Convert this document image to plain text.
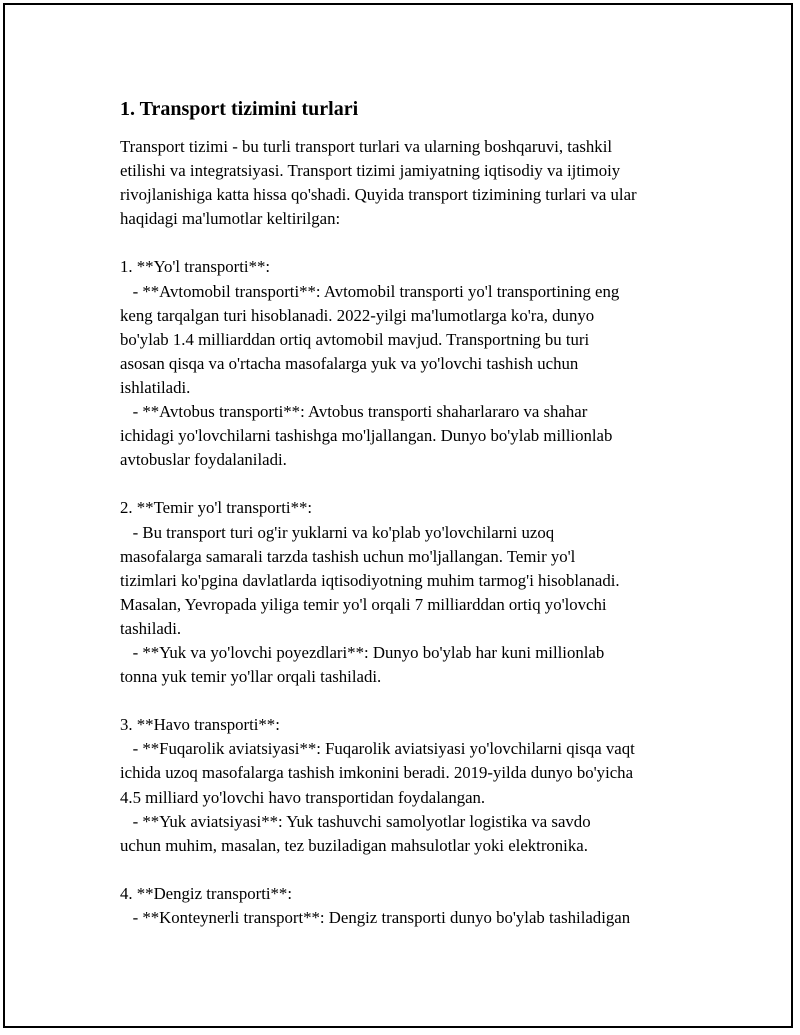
1. Transport tizimini turlari
Transport tizimi - bu turli transport turlari va ularning boshqaruvi, tashkil
etilishi va integratsiyasi. Transport tizimi jamiyatning iqtisodiy va ijtimoiy
rivojlanishiga katta hissa qo'shadi. Quyida transport tizimining turlari va ular
haqidagi ma'lumotlar keltirilgan:
1. **Yo'l transporti**:
- **Avtomobil transporti**: Avtomobil transporti yo'l transportining eng
keng tarqalgan turi hisoblanadi. 2022-yilgi ma'lumotlarga ko'ra, dunyo
bo'ylab 1.4 milliarddan ortiq avtomobil mavjud. Transportning bu turi
asosan qisqa va o'rtacha masofalarga yuk va yo'lovchi tashish uchun
ishlatiladi.
- **Avtobus transporti**: Avtobus transporti shaharlararo va shahar
ichidagi yo'lovchilarni tashishga mo'ljallangan. Dunyo bo'ylab millionlab
avtobuslar foydalaniladi.
2. **Temir yo'l transporti**:
- Bu transport turi og'ir yuklarni va ko'plab yo'lovchilarni uzoq
masofalarga samarali tarzda tashish uchun mo'ljallangan. Temir yo'l
tizimlari ko'pgina davlatlarda iqtisodiyotning muhim tarmog'i hisoblanadi.
Masalan, Yevropada yiliga temir yo'l orqali 7 milliarddan ortiq yo'lovchi
tashiladi.
- **Yuk va yo'lovchi poyezdlari**: Dunyo bo'ylab har kuni millionlab
tonna yuk temir yo'llar orqali tashiladi.
3. **Havo transporti**:
- **Fuqarolik aviatsiyasi**: Fuqarolik aviatsiyasi yo'lovchilarni qisqa vaqt
ichida uzoq masofalarga tashish imkonini beradi. 2019-yilda dunyo bo'yicha
4.5 milliard yo'lovchi havo transportidan foydalangan.
- **Yuk aviatsiyasi**: Yuk tashuvchi samolyotlar logistika va savdo
uchun muhim, masalan, tez buziladigan mahsulotlar yoki elektronika.
4. **Dengiz transporti**:
- **Konteynerli transport**: Dengiz transporti dunyo bo'ylab tashiladigan
